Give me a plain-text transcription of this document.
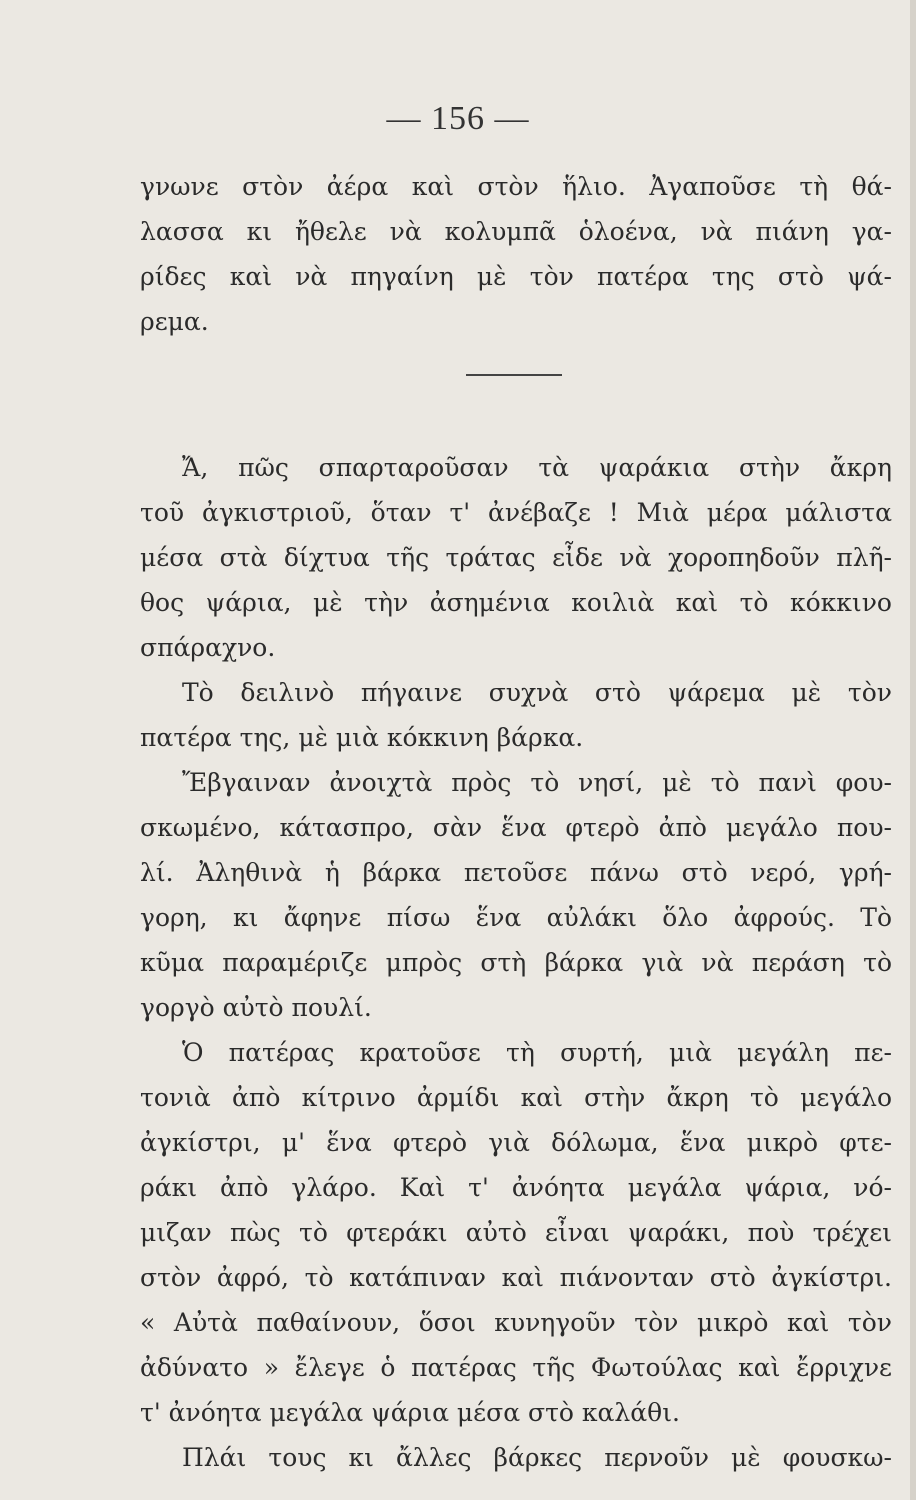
— 156 —
γνωνε στὸν ἀέρα καὶ στὸν ἥλιο. Ἀγαποῦσε τὴ θά-
λασσα κι ἤθελε νὰ κολυμπᾶ ὁλοένα, νὰ πιάνη γα-
ρίδες καὶ νὰ πηγαίνη μὲ τὸν πατέρα της στὸ ψά-
ρεμα.
Ἄ, πῶς σπαρταροῦσαν τὰ ψαράκια στὴν ἄκρη
τοῦ ἀγκιστριοῦ, ὅταν τ' ἀνέβαζε ! Μιὰ μέρα μάλιστα
μέσα στὰ δίχτυα τῆς τράτας εἶδε νὰ χοροπηδοῦν πλῆ-
θος ψάρια, μὲ τὴν ἀσημένια κοιλιὰ καὶ τὸ κόκκινο
σπάραχνο.
Τὸ δειλινὸ πήγαινε συχνὰ στὸ ψάρεμα μὲ τὸν
πατέρα της, μὲ μιὰ κόκκινη βάρκα.
Ἔβγαιναν ἀνοιχτὰ πρὸς τὸ νησί, μὲ τὸ πανὶ φου-
σκωμένο, κάτασπρο, σὰν ἕνα φτερὸ ἀπὸ μεγάλο που-
λί. Ἀληθινὰ ἡ βάρκα πετοῦσε πάνω στὸ νερό, γρή-
γορη, κι ἄφηνε πίσω ἕνα αὐλάκι ὅλο ἀφρούς. Τὸ
κῦμα παραμέριζε μπρὸς στὴ βάρκα γιὰ νὰ περάση τὸ
γοργὸ αὐτὸ πουλί.
Ὁ πατέρας κρατοῦσε τὴ συρτή, μιὰ μεγάλη πε-
τονιὰ ἀπὸ κίτρινο ἀρμίδι καὶ στὴν ἄκρη τὸ μεγάλο
ἀγκίστρι, μ' ἕνα φτερὸ γιὰ δόλωμα, ἕνα μικρὸ φτε-
ράκι ἀπὸ γλάρο. Καὶ τ' ἀνόητα μεγάλα ψάρια, νό-
μιζαν πὼς τὸ φτεράκι αὐτὸ εἶναι ψαράκι, ποὺ τρέχει
στὸν ἀφρό, τὸ κατάπιναν καὶ πιάνονταν στὸ ἀγκίστρι.
« Αὐτὰ παθαίνουν, ὅσοι κυνηγοῦν τὸν μικρὸ καὶ τὸν
ἀδύνατο » ἔλεγε ὁ πατέρας τῆς Φωτούλας καὶ ἔρριχνε
τ' ἀνόητα μεγάλα ψάρια μέσα στὸ καλάθι.
Πλάι τους κι ἄλλες βάρκες περνοῦν μὲ φουσκω-
